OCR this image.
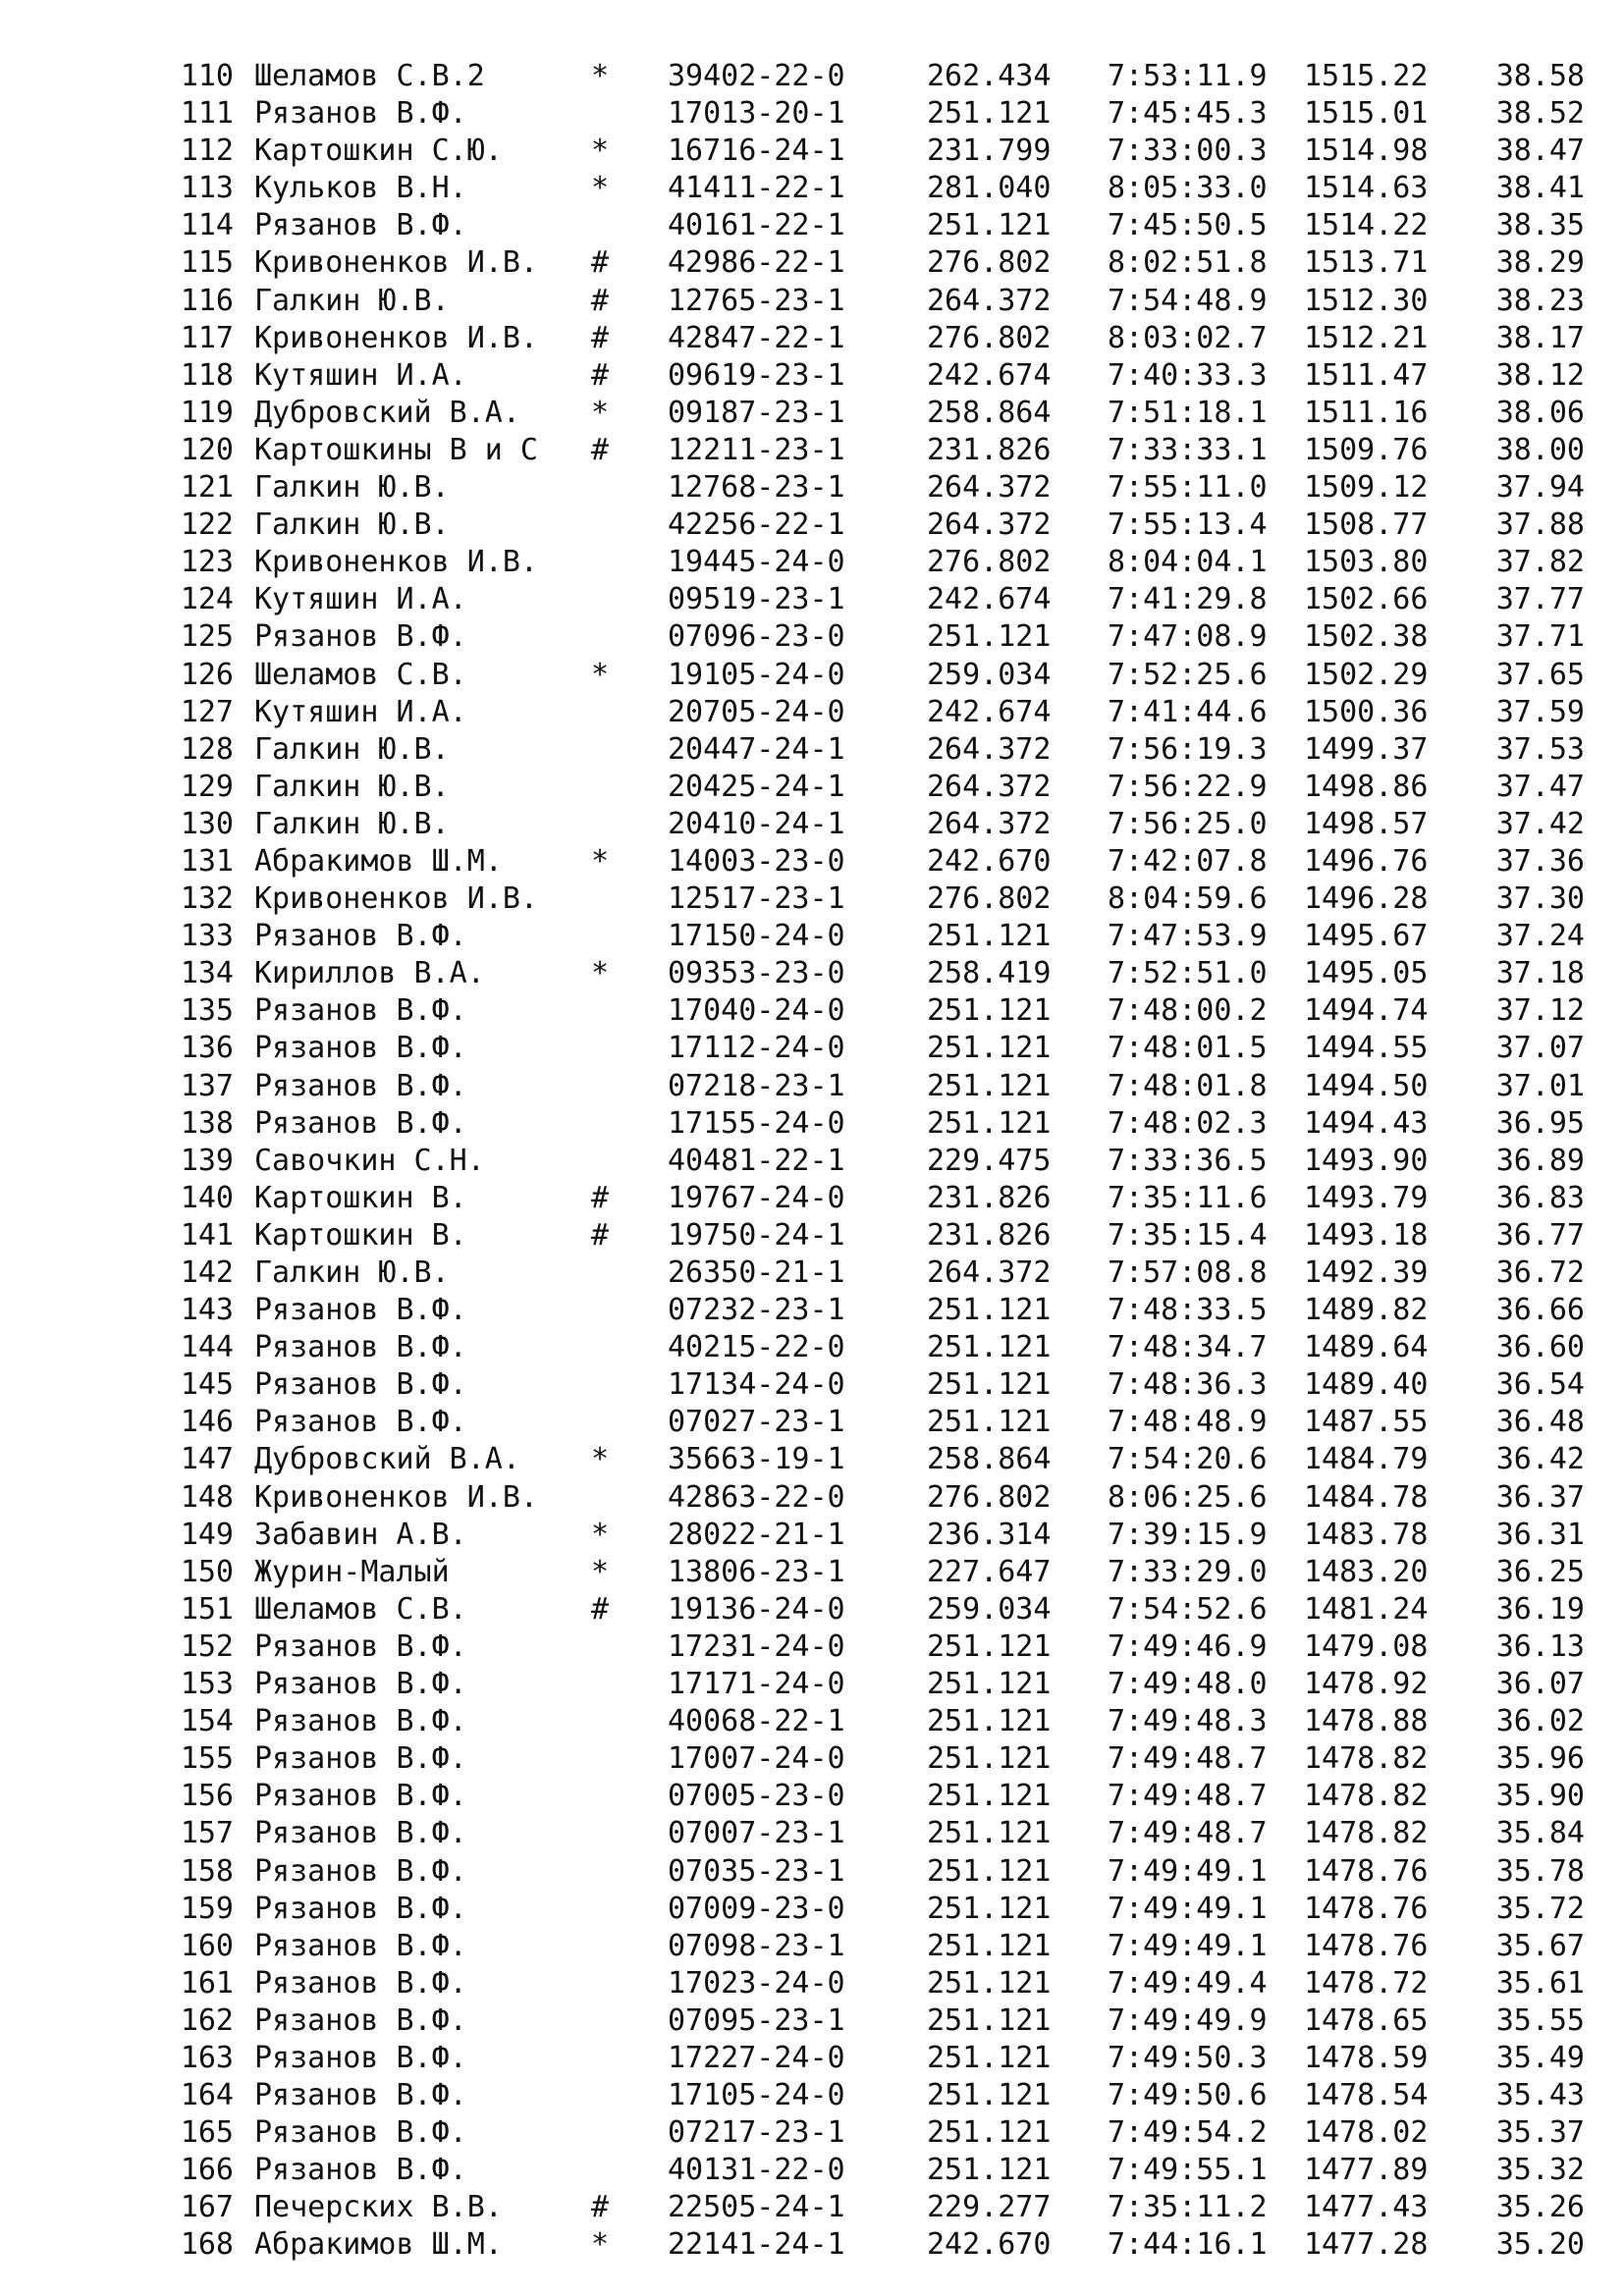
110 Шеламов С.В.2	* 39402-22-0	262.434 7:53:11.9 1515.22	38.58
111 Рязанов В.Ф.	17013-20-1	251.121 7:45:45.3 1515.01	38.52
112 Картошкин С.Ю.	* 16716-24-1	231.799 7:33:00.3 1514.98	38.47
113 Кульков В.Н.	* 41411-22-1	281.040 8:05:33.0 1514.63	38.41
114 Рязанов В.Ф.	40161-22-1	251.121 7:45:50.5 1514.22	38.35
115 Кривоненков И.В. # 42986-22-1	276.802 8:02:51.8 1513.71	38.29
116 Галкин Ю.В.	# 12765-23-1	264.372 7:54:48.9 1512.30	38.23
117 Кривоненков И.В. # 42847-22-1	276.802 8:03:02.7 1512.21	38.17
118 Кутяшин И.А.	# 09619-23-1	242.674 7:40:33.3 1511.47	38.12
119 Дубровский В.А. * 09187-23-1	258.864 7:51:18.1 1511.16	38.06
120 Картошкины В и С # 12211-23-1	231.826 7:33:33.1 1509.76	38.00
121 Галкин Ю.В.	12768-23-1	264.372 7:55:11.0 1509.12	37.94
122 Галкин Ю.В.	42256-22-1	264.372 7:55:13.4 1508.77	37.88
123 Кривоненков И.В.	19445-24-0	276.802 8:04:04.1 1503.80	37.82
124 Кутяшин И.А.	09519-23-1	242.674 7:41:29.8 1502.66	37.77
125 Рязанов В.Ф.	07096-23-0	251.121 7:47:08.9 1502.38	37.71
126 Шеламов С.В.	* 19105-24-0	259.034 7:52:25.6 1502.29	37.65
127 Кутяшин И.А.	20705-24-0	242.674 7:41:44.6 1500.36	37.59
128 Галкин Ю.В.	20447-24-1	264.372 7:56:19.3 1499.37	37.53
129 Галкин Ю.В.	20425-24-1	264.372 7:56:22.9 1498.86	37.47
130 Галкин Ю.В.	20410-24-1	264.372 7:56:25.0 1498.57	37.42
131 Абракимов Ш.М.	* 14003-23-0	242.670 7:42:07.8 1496.76	37.36
132 Кривоненков И.В.	12517-23-1	276.802 8:04:59.6 1496.28	37.30
133 Рязанов В.Ф.	17150-24-0	251.121 7:47:53.9 1495.67	37.24
134 Кириллов В.А.	* 09353-23-0	258.419 7:52:51.0 1495.05	37.18
135 Рязанов В.Ф.	17040-24-0	251.121 7:48:00.2 1494.74	37.12
136 Рязанов В.Ф.	17112-24-0	251.121 7:48:01.5 1494.55	37.07
137 Рязанов В.Ф.	07218-23-1	251.121 7:48:01.8 1494.50	37.01
138 Рязанов В.Ф.	17155-24-0	251.121 7:48:02.3 1494.43	36.95
139 Савочкин С.Н.	40481-22-1	229.475 7:33:36.5 1493.90	36.89
140 Картошкин В.	# 19767-24-0	231.826 7:35:11.6 1493.79	36.83
141 Картошкин В.	# 19750-24-1	231.826 7:35:15.4 1493.18	36.77
142 Галкин Ю.В.	26350-21-1	264.372 7:57:08.8 1492.39	36.72
143 Рязанов В.Ф.	07232-23-1	251.121 7:48:33.5 1489.82	36.66
144 Рязанов В.Ф.	40215-22-0	251.121 7:48:34.7 1489.64	36.60
145 Рязанов В.Ф.	17134-24-0	251.121 7:48:36.3 1489.40	36.54
146 Рязанов В.Ф.	07027-23-1	251.121 7:48:48.9 1487.55	36.48
147 Дубровский В.А. * 35663-19-1	258.864 7:54:20.6 1484.79	36.42
148 Кривоненков И.В.	42863-22-0	276.802 8:06:25.6 1484.78	36.37
149 Забавин А.В.	* 28022-21-1	236.314 7:39:15.9 1483.78	36.31
150 Журин-Малый	* 13806-23-1	227.647 7:33:29.0 1483.20	36.25
151 Шеламов С.В.	# 19136-24-0	259.034 7:54:52.6 1481.24	36.19
152 Рязанов В.Ф.	17231-24-0	251.121 7:49:46.9 1479.08	36.13
153 Рязанов В.Ф.	17171-24-0	251.121 7:49:48.0 1478.92	36.07
154 Рязанов В.Ф.	40068-22-1	251.121 7:49:48.3 1478.88	36.02
155 Рязанов В.Ф.	17007-24-0	251.121 7:49:48.7 1478.82	35.96
156 Рязанов В.Ф.	07005-23-0	251.121 7:49:48.7 1478.82	35.90
157 Рязанов В.Ф.	07007-23-1	251.121 7:49:48.7 1478.82	35.84
158 Рязанов В.Ф.	07035-23-1	251.121 7:49:49.1 1478.76	35.78
159 Рязанов В.Ф.	07009-23-0	251.121 7:49:49.1 1478.76	35.72
160 Рязанов В.Ф.	07098-23-1	251.121 7:49:49.1 1478.76	35.67
161 Рязанов В.Ф.	17023-24-0	251.121 7:49:49.4 1478.72	35.61
162 Рязанов В.Ф.	07095-23-1	251.121 7:49:49.9 1478.65	35.55
163 Рязанов В.Ф.	17227-24-0	251.121 7:49:50.3 1478.59	35.49
164 Рязанов В.Ф.	17105-24-0	251.121 7:49:50.6 1478.54	35.43
165 Рязанов В.Ф.	07217-23-1	251.121 7:49:54.2 1478.02	35.37
166 Рязанов В.Ф.	40131-22-0	251.121 7:49:55.1 1477.89	35.32
167 Печерских В.В.	# 22505-24-1	229.277 7:35:11.2 1477.43	35.26
168 Абракимов Ш.М.	* 22141-24-1	242.670 7:44:16.1 1477.28	35.20
